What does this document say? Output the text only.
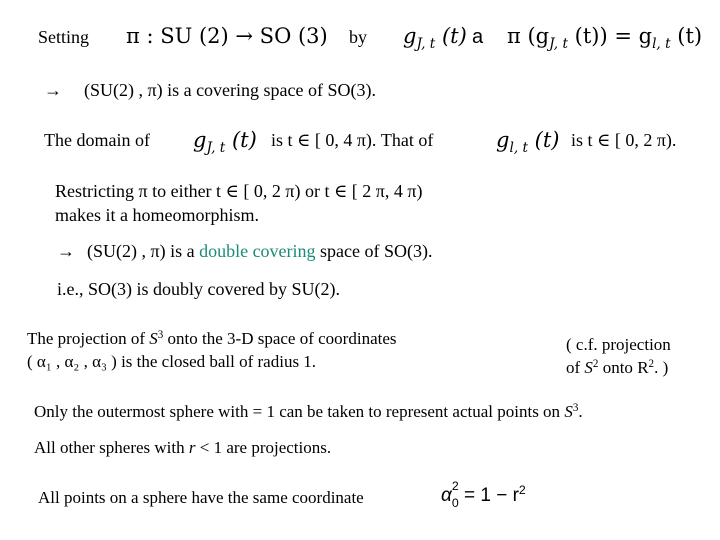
Setting π : SU (2) → SO (3) by $g_{J, t}$ (t) a π ($g_{J, t}$ $(t)) = g_{l, t}$ (t)
→ (SU(2) , π) is a covering space of SO(3).
The domain of $g_{J, t}$ (t) is t ∈ [ 0, 4 π). That of	$g_{l, t}$ (t) is t ∈ [ 0, 2 π).
Restricting π to either t ∈ [ 0, 2 π) or t ∈ [ 2 π, 4 π)
makes it a homeomorphism.
→ (SU(2) , π) is a double covering space of SO(3).
i.e., SO(3) is doubly covered by SU(2).
The projection of $S^3$ onto the 3-D space of coordinates
( α₁ , α₂ , α₃ ) is the closed ball of radius 1.
( c.f. projection
of $S^2$ onto $R^2$. )
Only the outermost sphere with = 1 can be taken to represent actual points on $S^3$.
All other spheres with r < 1 are projections.
All points on a sphere have the same coordinate	α 2
$_0 = 1 - r^2$
